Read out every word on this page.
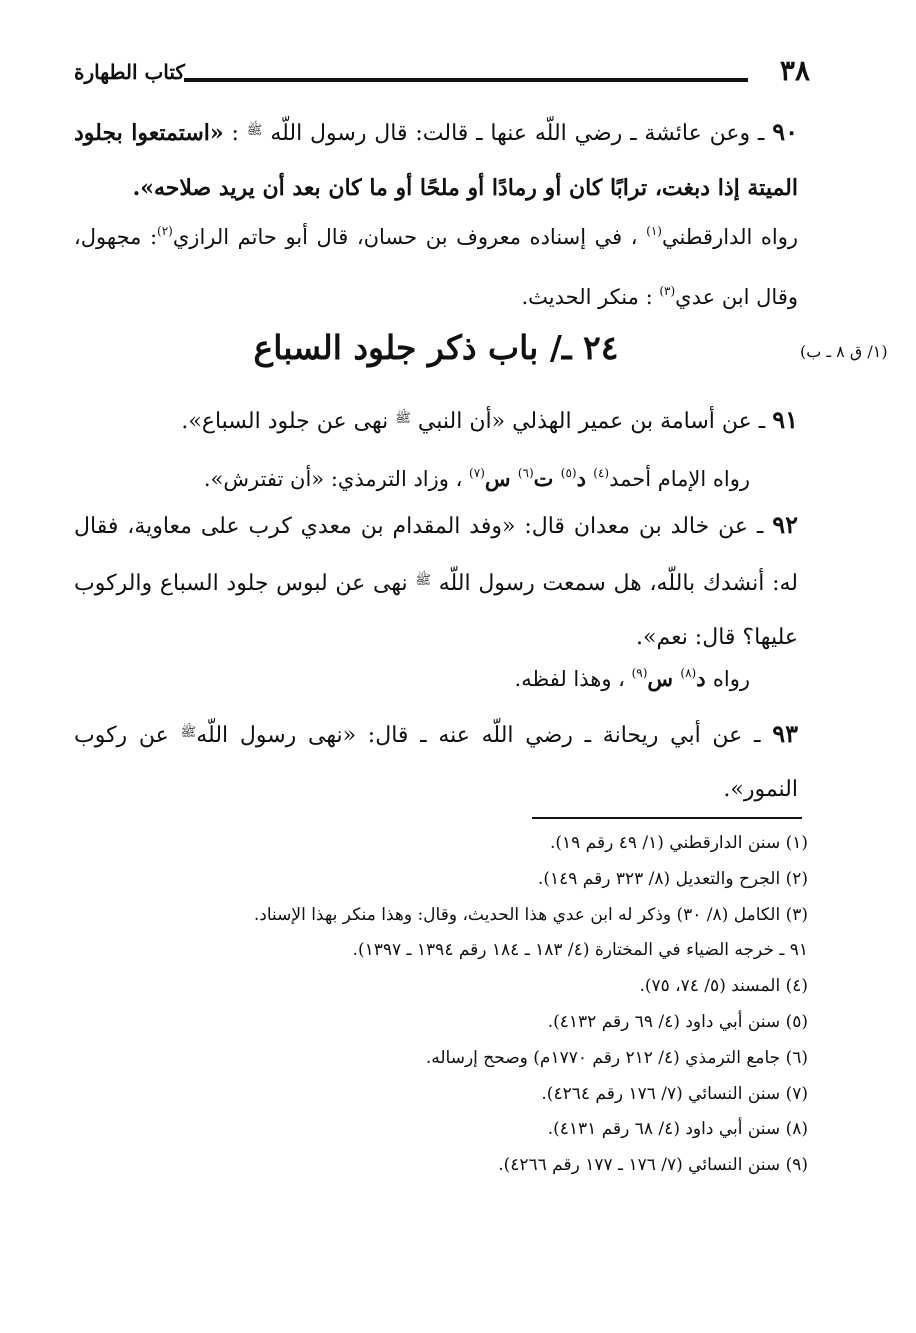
٣٨
كتاب الطهارة
٩٠ ـ وعن عائشة ـ رضي اللّه عنها ـ قالت: قال رسول اللّه $^ﷺ$ : «استمتعوا بجلود الميتة إذا دبغت، ترابًا كان أو رمادًا أو ملحًا أو ما كان بعد أن يريد صلاحه».
رواه الدارقطني$^{(١)}$ ، في إسناده معروف بن حسان، قال أبو حاتم الرازي$^{(٢)}$: مجهول، وقال ابن عدي$^{(٣)}$ : منكر الحديث.
٢٤ ـ/ باب ذكر جلود السباع	(١/ ق ٨ ـ ب)
٩١ ـ عن أسامة بن عمير الهذلي «أن النبي $^ﷺ$ نهى عن جلود السباع».
رواه الإمام أحمد$^{(٤)}$ د$^{(٥)}$ ت$^{(٦)}$ س$^{(٧)}$ ، وزاد الترمذي: «أن تفترش».
٩٢ ـ عن خالد بن معدان قال: «وفد المقدام بن معدي كرب على معاوية، فقال له: أنشدك باللّه، هل سمعت رسول اللّه $^ﷺ$ نهى عن لبوس جلود السباع والركوب عليها؟ قال: نعم».
رواه د$^{(٨)}$ س$^{(٩)}$ ، وهذا لفظه.
٩٣ ـ عن أبي ريحانة ـ رضي اللّه عنه ـ قال: «نهى رسول اللّه$^ﷺ$ عن ركوب النمور».
(١) سنن الدارقطني (١/ ٤٩ رقم ١٩).
(٢) الجرح والتعديل (٨/ ٣٢٣ رقم ١٤٩).
(٣) الكامل (٨/ ٣٠) وذكر له ابن عدي هذا الحديث، وقال: وهذا منكر بهذا الإسناد.
٩١ ـ خرجه الضياء في المختارة (٤/ ١٨٣ ـ ١٨٤ رقم ١٣٩٤ ـ ١٣٩٧).
(٤) المسند (٥/ ٧٤، ٧٥).
(٥) سنن أبي داود (٤/ ٦٩ رقم ٤١٣٢).
(٦) جامع الترمذي (٤/ ٢١٢ رقم ١٧٧٠م) وصحح إرساله.
(٧) سنن النسائي (٧/ ١٧٦ رقم ٤٢٦٤).
(٨) سنن أبي داود (٤/ ٦٨ رقم ٤١٣١).
(٩) سنن النسائي (٧/ ١٧٦ ـ ١٧٧ رقم ٤٢٦٦).
